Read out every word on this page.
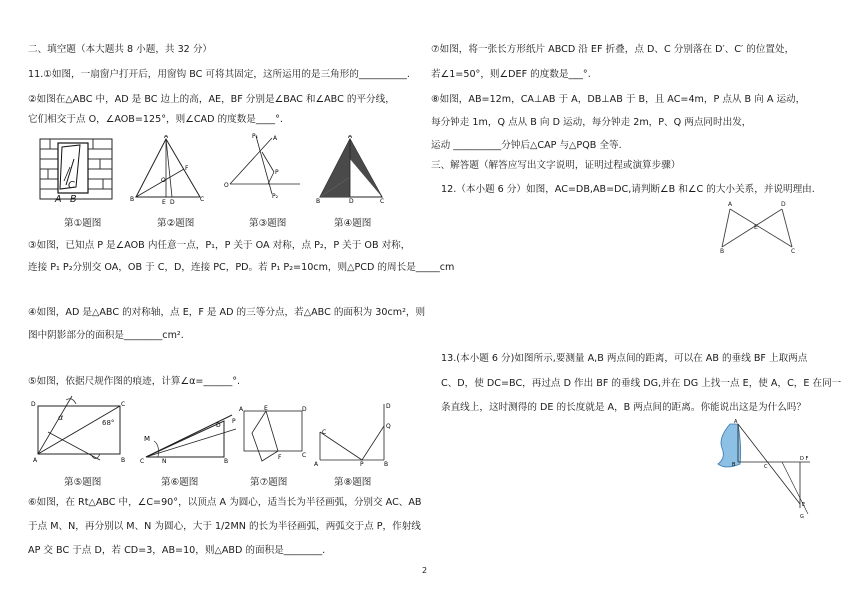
二、填空题（本大题共 8 小题，共 32 分）
11.①如图，一扇窗户打开后，用窗钩 BC 可将其固定，这所运用的是三角形的__________.
②如图在△ABC 中，AD 是 BC 边上的高，AE，BF 分别是∠BAC 和∠ABC 的平分线，
它们相交于点 O，∠AOB=125°，则∠CAD 的度数是____°.
A B
C
A
B	C
E D
F
O
O
A
P
P₁
P₂
A
B	C
D
第①题图	第②题图	第③题图	第④题图
③如图，已知点 P 是∠AOB 内任意一点，P₁，P 关于 OA 对称，点 P₂，P 关于 OB 对称，
连接 P₁ P₂分别交 OA，OB 于 C，D，连接 PC，PD。若 P₁ P₂=10cm，则△PCD 的周长是_____cm
④如图，AD 是△ABC 的对称轴，点 E，F 是 AD 的三等分点，若△ABC 的面积为 30cm²，则
图中阴影部分的面积是________cm².
⑤如图，依据尺规作图的痕迹，计算∠α=______°.
D	C
A	B
68°
α
C
M
N	B
P
D
A	E	D
F	C
C
A	P	B
D
Q
第⑤题图	第⑥题图	第⑦题图	第⑧题图
⑥如图，在 Rt△ABC 中，∠C=90°，以顶点 A 为圆心，适当长为半径画弧，分别交 AC、AB
于点 M、N，再分别以 M、N 为圆心，大于 1/2MN 的长为半径画弧，两弧交于点 P，作射线
AP 交 BC 于点 D，若 CD=3，AB=10，则△ABD 的面积是________.
2
⑦如图，将一张长方形纸片 ABCD 沿 EF 折叠，点 D、C 分别落在 D′、C′ 的位置处，
若∠1=50°，则∠DEF 的度数是___°.
⑧如图，AB=12m，CA⊥AB 于 A，DB⊥AB 于 B，且 AC=4m，P 点从 B 向 A 运动，
每分钟走 1m，Q 点从 B 向 D 运动，每分钟走 2m，P、Q 两点同时出发，
运动 __________分钟后△CAP 与△PQB 全等.
三、解答题（解答应写出文字说明，证明过程或演算步骤）
12.（本小题 6 分）如图，AC=DB,AB=DC,请判断∠B 和∠C 的大小关系，并说明理由.
A	D
E
B	C
13.(本小题 6 分)如图所示,要测量 A,B 两点间的距离，可以在 AB 的垂线 BF 上取两点
C、D，使 DC=BC，再过点 D 作出 BF 的垂线 DG,并在 DG 上找一点 E，使 A，C，E 在同一
条直线上，这时测得的 DE 的长度就是 A，B 两点间的距离。你能说出这是为什么吗？
A
B	C
D F
E
G
